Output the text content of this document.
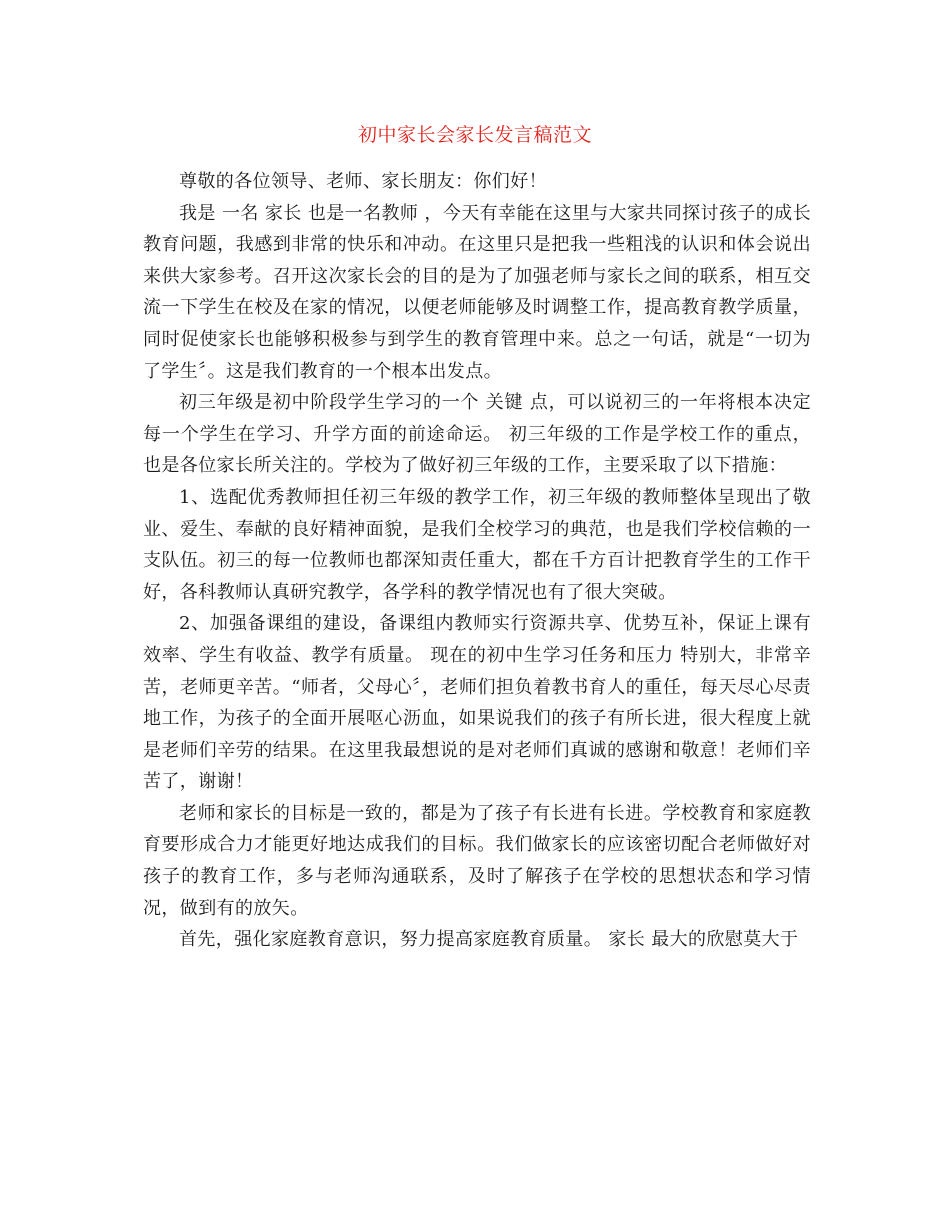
初中家长会家长发言稿范文

尊敬的各位领导、老师、家长朋友：你们好！

我是 一名 家长 也是一名教师 ，今天有幸能在这里与大家共同探讨孩子的成长教育问题，我感到非常的快乐和冲动。在这里只是把我一些粗浅的认识和体会说出来供大家参考。召开这次家长会的目的是为了加强老师与家长之间的联系，相互交流一下学生在校及在家的情况，以便老师能够及时调整工作，提高教育教学质量，同时促使家长也能够积极参与到学生的教育管理中来。总之一句话，就是“一切为了学生〞。这是我们教育的一个根本出发点。

初三年级是初中阶段学生学习的一个 关键 点，可以说初三的一年将根本决定每一个学生在学习、升学方面的前途命运。 初三年级的工作是学校工作的重点，也是各位家长所关注的。学校为了做好初三年级的工作，主要采取了以下措施：

1、选配优秀教师担任初三年级的教学工作，初三年级的教师整体呈现出了敬业、爱生、奉献的良好精神面貌，是我们全校学习的典范，也是我们学校信赖的一支队伍。初三的每一位教师也都深知责任重大，都在千方百计把教育学生的工作干好，各科教师认真研究教学，各学科的教学情况也有了很大突破。

2、加强备课组的建设，备课组内教师实行资源共享、优势互补，保证上课有效率、学生有收益、教学有质量。 现在的初中生学习任务和压力 特别大，非常辛苦，老师更辛苦。“师者，父母心〞，老师们担负着教书育人的重任，每天尽心尽责地工作，为孩子的全面开展呕心沥血，如果说我们的孩子有所长进，很大程度上就是老师们辛劳的结果。在这里我最想说的是对老师们真诚的感谢和敬意！老师们辛苦了，谢谢！

老师和家长的目标是一致的，都是为了孩子有长进有长进。学校教育和家庭教育要形成合力才能更好地达成我们的目标。我们做家长的应该密切配合老师做好对孩子的教育工作，多与老师沟通联系，及时了解孩子在学校的思想状态和学习情况，做到有的放矢。

首先，强化家庭教育意识，努力提高家庭教育质量。 家长 最大的欣慰莫大于
